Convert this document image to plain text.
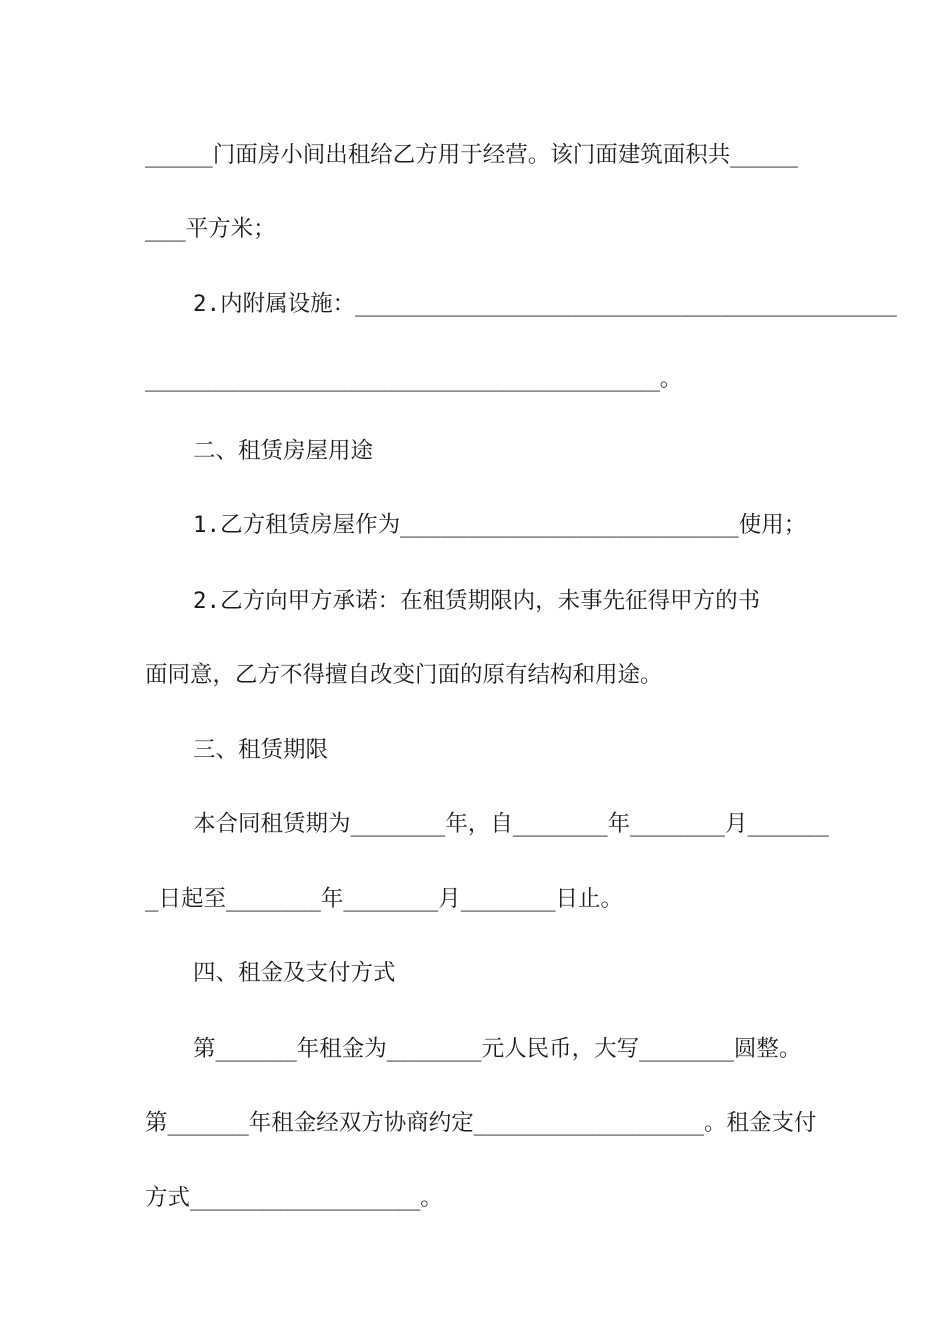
_____门面房小间出租给乙方用于经营。该门面建筑面积共_____

___平方米；

2.内附属设施：________________________________________

______________________________________。

二、租赁房屋用途

1.乙方租赁房屋作为_________________________使用；

2.乙方向甲方承诺：在租赁期限内，未事先征得甲方的书

面同意，乙方不得擅自改变门面的原有结构和用途。

三、租赁期限

本合同租赁期为_______年，自_______年_______月______

_日起至_______年_______月_______日止。

四、租金及支付方式

第______年租金为_______元人民币，大写_______圆整。

第______年租金经双方协商约定_________________。租金支付

方式_________________。
